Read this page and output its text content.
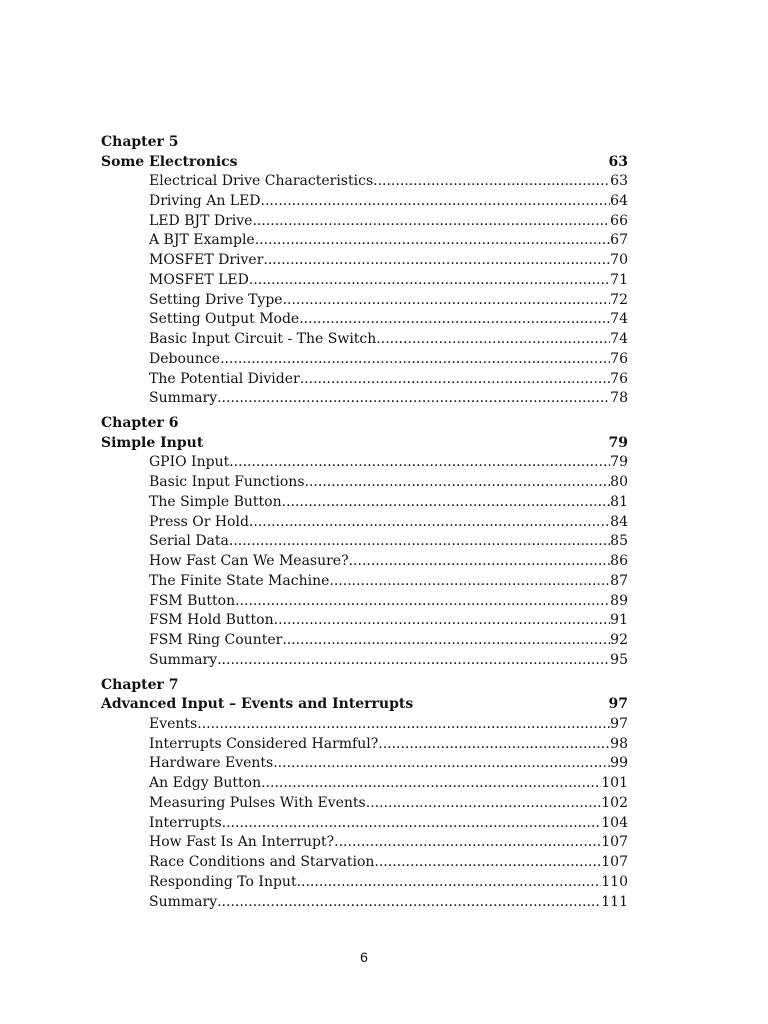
Chapter 5
Some Electronics	63
Electrical Drive Characteristics .....	63
Driving An LED .....	64
LED BJT Drive .....	66
A BJT Example .....	67
MOSFET Driver .....	70
MOSFET LED .....	71
Setting Drive Type .....	72
Setting Output Mode .....	74
Basic Input Circuit - The Switch .....	74
Debounce .....	76
The Potential Divider .....	76
Summary .....	78
Chapter 6
Simple Input	79
GPIO Input .....	79
Basic Input Functions .....	80
The Simple Button .....	81
Press Or Hold .....	84
Serial Data .....	85
How Fast Can We Measure? .....	86
The Finite State Machine .....	87
FSM Button .....	89
FSM Hold Button .....	91
FSM Ring Counter .....	92
Summary .....	95
Chapter 7
Advanced Input – Events and Interrupts	97
Events .....	97
Interrupts Considered Harmful? .....	98
Hardware Events .....	99
An Edgy Button .....	101
Measuring Pulses With Events .....	102
Interrupts .....	104
How Fast Is An Interrupt? .....	107
Race Conditions and Starvation .....	107
Responding To Input .....	110
Summary .....	111
6
